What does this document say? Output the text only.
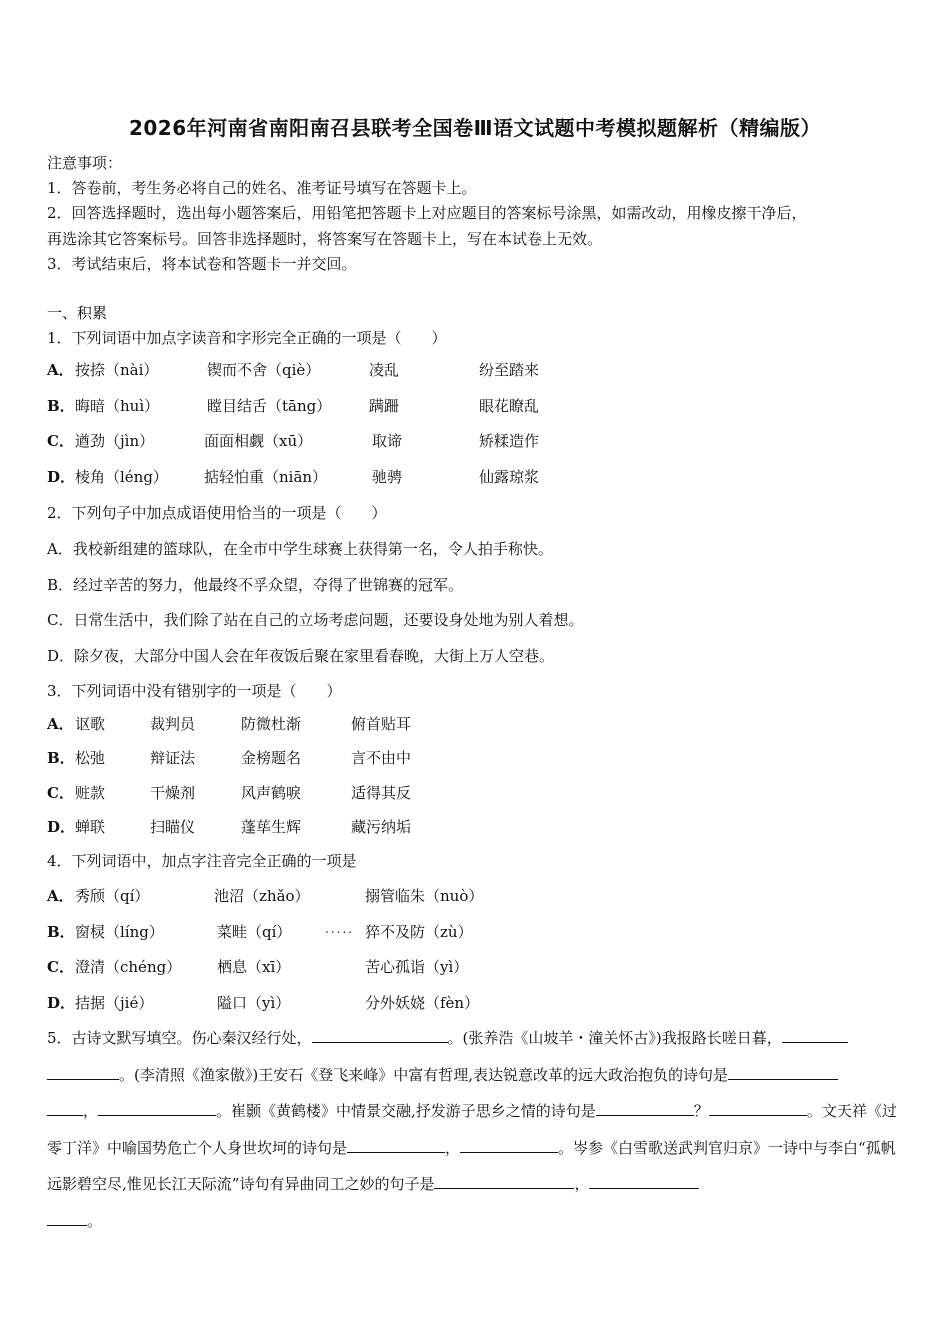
2026年河南省南阳南召县联考全国卷Ⅲ语文试题中考模拟题解析（精编版）
注意事项：
1．答卷前，考生务必将自己的姓名、准考证号填写在答题卡上。
2．回答选择题时，选出每小题答案后，用铅笔把答题卡上对应题目的答案标号涂黑，如需改动，用橡皮擦干净后，
再选涂其它答案标号。回答非选择题时，将答案写在答题卡上，写在本试卷上无效。
3．考试结束后，将本试卷和答题卡一并交回。
一、积累
1．下列词语中加点字读音和字形完全正确的一项是（　　）
A． 按捺（nài）	锲而不舍（qiè）	凌乱	纷至踏来
B． 晦暗（huì）	瞠目结舌（tāng）	蹒跚	眼花瞭乱
C． 遒劲（jìn）	面面相觑（xū）	取谛	矫糅造作
D． 棱角（léng） 掂轻怕重（niān）	驰骋	仙露琼浆
2．下列句子中加点成语使用恰当的一项是（　　）
A．我校新组建的篮球队，在全市中学生球赛上获得第一名，令人拍手称快。
B．经过辛苦的努力，他最终不孚众望，夺得了世锦赛的冠军。
C．日常生活中，我们除了站在自己的立场考虑问题，还要设身处地为别人着想。
D．除夕夜，大部分中国人会在年夜饭后聚在家里看春晚，大街上万人空巷。
3．下列词语中没有错别字的一项是（　　）
A． 讴歌	裁判员	防微杜渐	俯首贴耳
B． 松弛	辩证法	金榜题名	言不由中
C． 赃款	干燥剂	风声鹤唳	适得其反
D． 蝉联	扫瞄仪	蓬荜生辉	藏污纳垢
4．下列词语中，加点字注音完全正确的一项是
A． 秀颀（qí）	池沼（zhǎo）	搦管临朱（nuò）
B． 窗棂（líng）	菜畦（qí）	猝不及防（zù）
.....
C． 澄清（chéng） 栖息（xī）	苦心孤诣（yì）
D． 拮据（jié）	隘口（yì）	分外妖娆（fèn）
5．古诗文默写填空。伤心秦汉经行处，	。(张养浩《山坡羊・潼关怀古》)我报路长嗟日暮，
。(李清照《渔家傲》)王安石《登飞来峰》中富有哲理,表达锐意改革的远大政治抱负的诗句是
，	。崔颢《黄鹤楼》中情景交融,抒发游子思乡之情的诗句是	？	。文天祥《过零丁洋》中喻国势危亡个人身世坎坷的诗句是	，	。岑参《白雪歌送武判官归京》一诗中与李白“孤帆远影碧空尽,惟见长江天际流”诗句有异曲同工之妙的句子是	，
。
